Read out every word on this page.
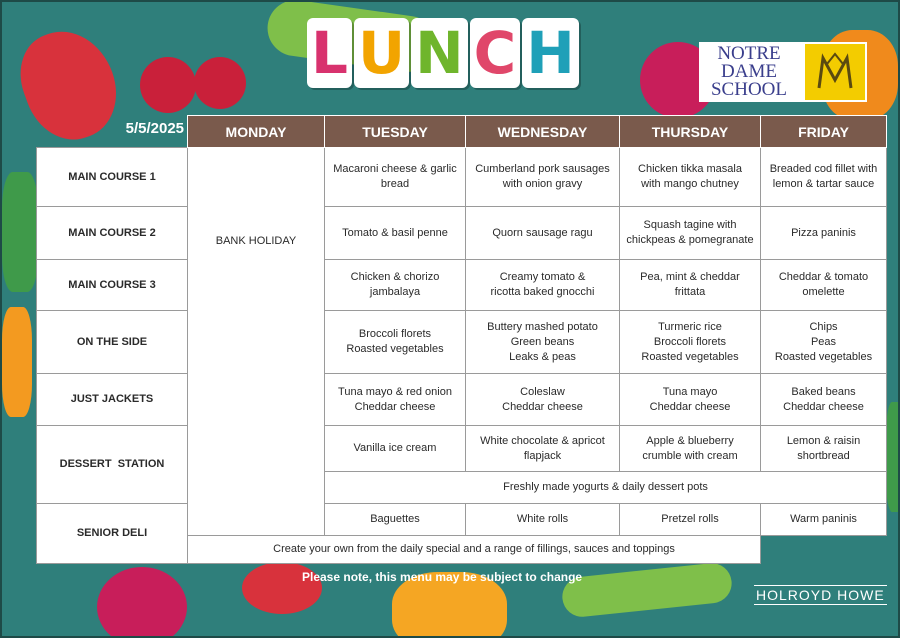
L U N C H	NOTRE
DAME
SCHOOL
	MONDAY	TUESDAY	WEDNESDAY	THURSDAY	FRIDAY
MAIN COURSE 1	BANK HOLIDAY	Macaroni cheese & garlic
bread	Cumberland pork sausages
with onion gravy	Chicken tikka masala
with mango chutney	Breaded cod fillet with
lemon & tartar sauce

MAIN COURSE 2		Tomato & basil penne	Quorn sausage ragu	Squash tagine with
chickpeas & pomegranate	Pizza paninis

MAIN COURSE 3		Chicken & chorizo
jambalaya	Creamy tomato &
ricotta baked gnocchi	Pea, mint & cheddar
frittata	Cheddar & tomato
omelette

ON THE SIDE		Broccoli florets
Roasted vegetables	Buttery mashed potato
Green beans
Leaks & peas	Turmeric rice
Broccoli florets
Roasted vegetables	Chips
Peas
Roasted vegetables

JUST JACKETS		Tuna mayo & red onion
Cheddar cheese	Coleslaw
Cheddar cheese	Tuna mayo
Cheddar cheese	Baked beans
Cheddar cheese

DESSERT  STATION		Vanilla ice cream	White chocolate & apricot
flapjack	Apple & blueberry
crumble with cream	Lemon & raisin
shortbread

		Freshly made yogurts & daily dessert pots			
SENIOR DELI		Baguettes	White rolls	Pretzel rolls	Warm paninis

	Create your own from the daily special and a range of fillings, sauces and toppings				
5/5/2025
Please note, this menu may be subject to change
HOLROYD HOWE
